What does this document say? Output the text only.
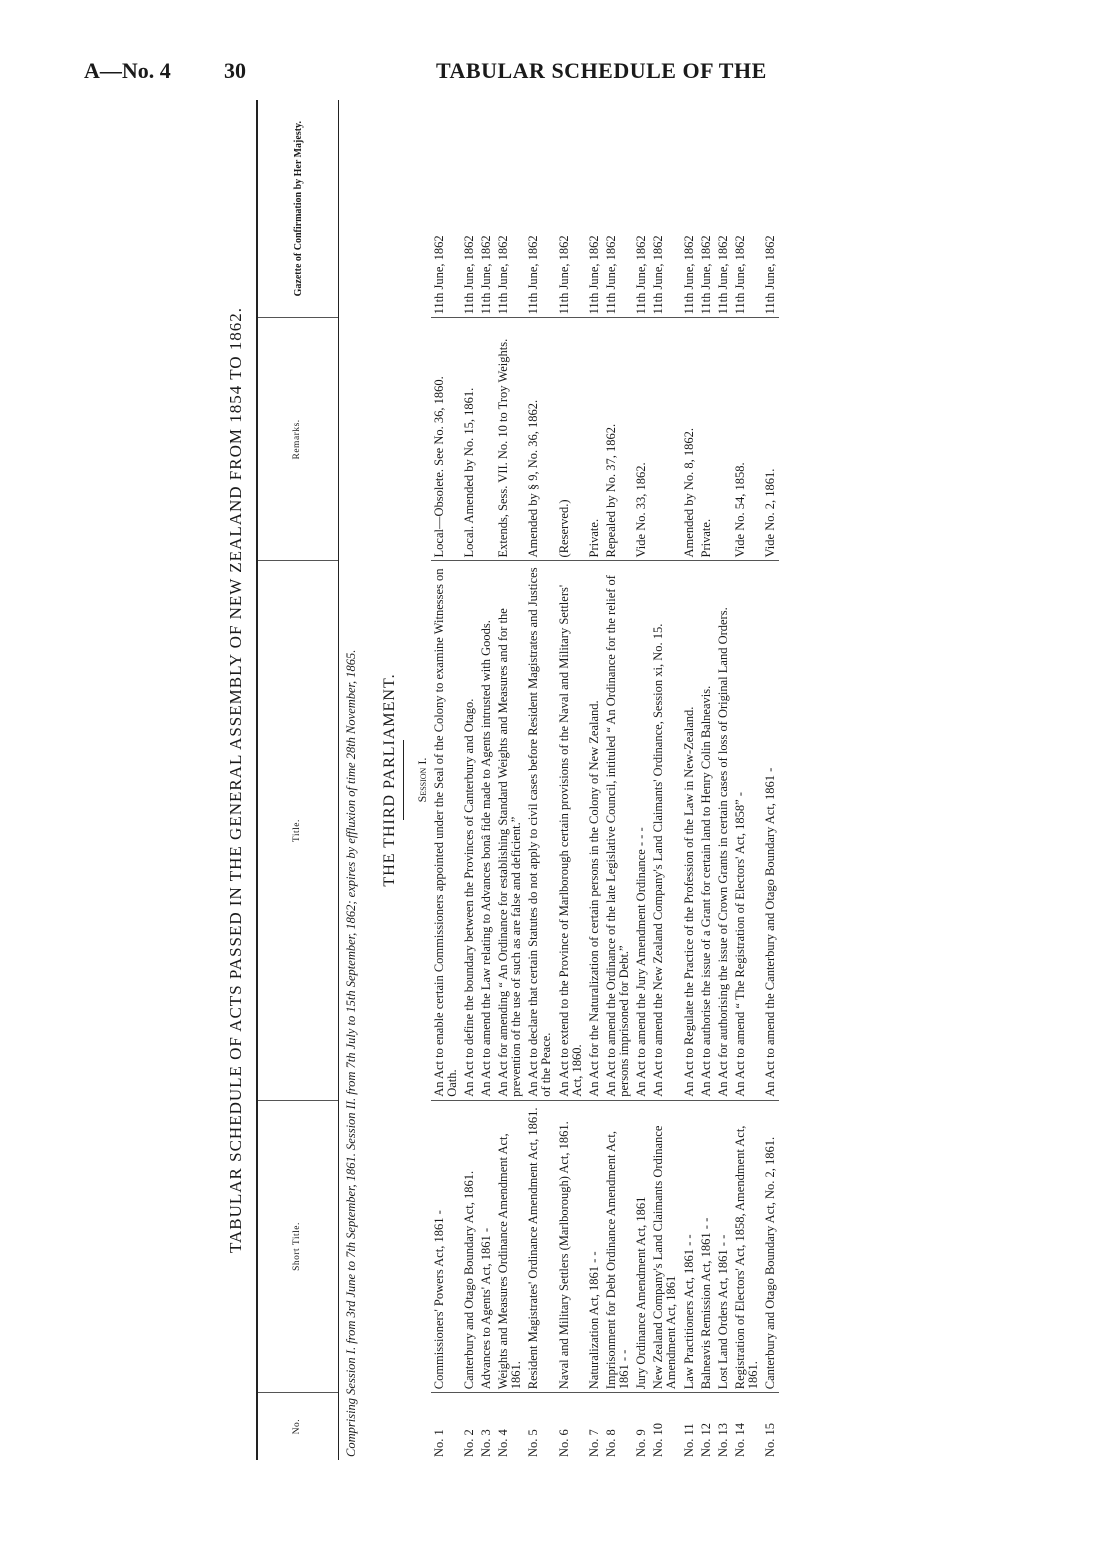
A—No. 4 30	TABULAR SCHEDULE OF THE
TABULAR SCHEDULE OF ACTS PASSED IN THE GENERAL ASSEMBLY OF NEW ZEALAND FROM 1854 TO 1862.
No.	Short Title.	Title.	Remarks.	Gazette of Confirmation by Her Majesty.
Comprising Session I. from 3rd June to 7th September, 1861. Session II. from 7th July to 15th September, 1862; expires by effluxion of time 28th November, 1865.				
THE THIRD PARLIAMENT.				

Session I.				
No. 1	Commissioners' Powers Act, 1861 -	An Act to enable certain Commissioners appointed under the Seal of the Colony to examine Witnesses on Oath.	Local—Obsolete. See No. 36, 1860.	11th June, 1862
No. 2	Canterbury and Otago Boundary Act, 1861.	An Act to define the boundary between the Provinces of Canterbury and Otago.	Local. Amended by No. 15, 1861.	11th June, 1862
No. 3	Advances to Agents' Act, 1861 -	An Act to amend the Law relating to Advances bonâ fide made to Agents intrusted with Goods.		11th June, 1862
No. 4	Weights and Measures Ordinance Amendment Act, 1861.	An Act for amending “ An Ordinance for establishing Standard Weights and Measures and for the prevention of the use of such as are false and deficient.”	Extends, Sess. VII. No. 10 to Troy Weights.	11th June, 1862
No. 5	Resident Magistrates' Ordinance Amendment Act, 1861.	An Act to declare that certain Statutes do not apply to civil cases before Resident Magistrates and Justices of the Peace.	Amended by § 9, No. 36, 1862.	11th June, 1862
No. 6	Naval and Military Settlers (Marlborough) Act, 1861.	An Act to extend to the Province of Marlborough certain provisions of the Naval and Military Settlers' Act, 1860.	(Reserved.)	11th June, 1862
No. 7	Naturalization Act, 1861 - -	An Act for the Naturalization of certain persons in the Colony of New Zealand.	Private.	11th June, 1862
No. 8	Imprisonment for Debt Ordinance Amendment Act, 1861 - -	An Act to amend the Ordinance of the late Legislative Council, intituled “ An Ordinance for the relief of persons imprisoned for Debt.”	Repealed by No. 37, 1862.	11th June, 1862
No. 9	Jury Ordinance Amendment Act, 1861	An Act to amend the Jury Amendment Ordinance - - -	Vide No. 33, 1862.	11th June, 1862
No. 10	New Zealand Company's Land Claimants Ordinance Amendment Act, 1861	An Act to amend the New Zealand Company's Land Claimants' Ordinance, Session xi, No. 15.		11th June, 1862
No. 11	Law Practitioners Act, 1861 - -	An Act to Regulate the Practice of the Profession of the Law in New-Zealand.	Amended by No. 8, 1862.	11th June, 1862
No. 12	Balneavis Remission Act, 1861 - -	An Act to authorise the issue of a Grant for certain land to Henry Colin Balneavis.	Private.	11th June, 1862
No. 13	Lost Land Orders Act, 1861 - -	An Act for authorising the issue of Crown Grants in certain cases of loss of Original Land Orders.		11th June, 1862
No. 14	Registration of Electors' Act, 1858, Amendment Act, 1861.	An Act to amend “ The Registration of Electors' Act, 1858” -	Vide No. 54, 1858.	11th June, 1862
No. 15	Canterbury and Otago Boundary Act, No. 2, 1861.	An Act to amend the Canterbury and Otago Boundary Act, 1861 -	Vide No. 2, 1861.	11th June, 1862
